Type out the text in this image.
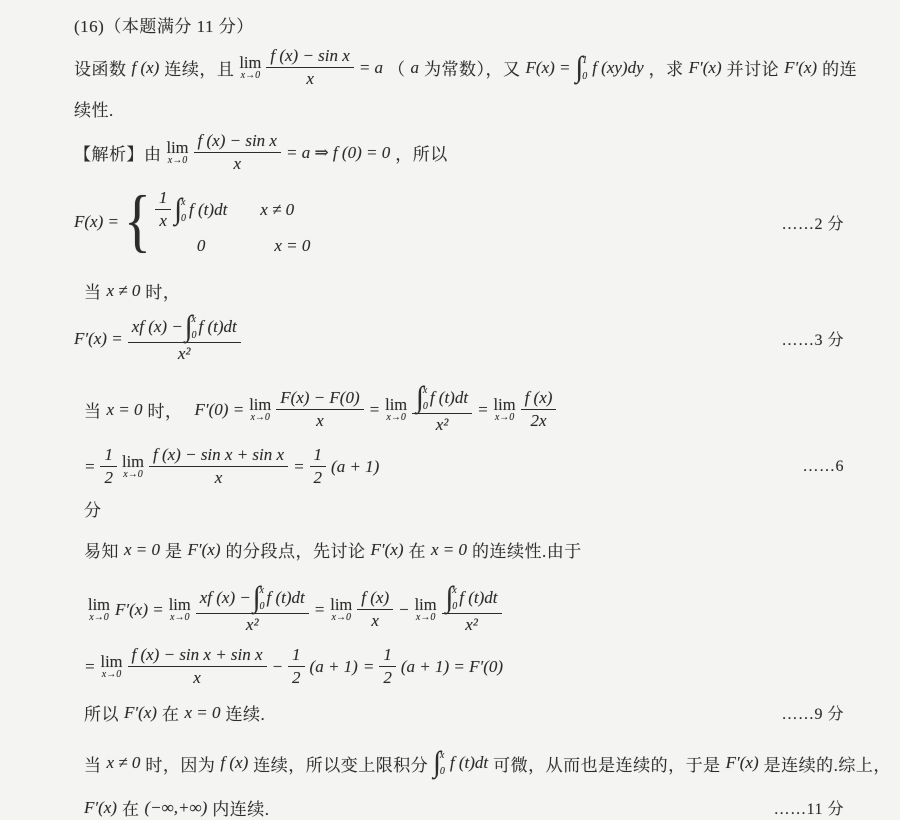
(16)（本题满分 11 分）
设函数 f (x) 连续，且 lim
$x\to 0 \frac{\text{f (x) − sin x}}{x} = a$ （ a 为常数），又 F(x) = ∫ 1
0 f (xy)dy ，求 F′(x) 并讨论 F′(x) 的连
续性.
【解析】由 lim
$x\to 0 \frac{\text{f (x) − sin x}}{x} = a$ ⇒ f (0) = 0 ，所以
F(x) = { $\frac{1}{x}$ ∫ x
0 f (t)dt x ≠ 0
0	x = 0
……2 分
当 x ≠ 0 时，
F′(x) =
xf (x) − ∫ x
0 f (t)dt
x²
……3 分
当 x = 0 时， F′(0) = lim
$x\to 0 \frac{F(x) - F(0)}{x} = \lim$
x→0
∫ x
0 f (t)dt
x²
= lim
$x\to 0 \frac{f (x)}{2x}$
= $\frac{1}{2}$ lim
$x\to 0 \frac{\text{f (x) − sin x + sin x}}{x} = \frac{1}{2} (a + 1)$	……6
分
易知 x = 0 是 F′(x) 的分段点，先讨论 F′(x) 在 x = 0 的连续性.由于
lim
x→0 F′(x) = lim
x→0
xf (x) − ∫ x
0 f (t)dt
x²
= lim
$x\to 0 \frac{f (x)}{x} - \lim$
x→0
∫ x
0 f (t)dt
x²
= lim
$x\to 0 \frac{\text{f (x) − sin x + sin x}}{x} - \frac{1}{2} (a + 1) = \frac{1}{2} (a + 1) = F'(0)$
所以 F′(x) 在 x = 0 连续.	……9 分
当 x ≠ 0 时，因为 f (x) 连续，所以变上限积分 ∫ x
0 f (t)dt 可微，从而也是连续的，于是 F′(x) 是连续的.综上，
F′(x) 在 (−∞,+∞) 内连续.	……11 分
